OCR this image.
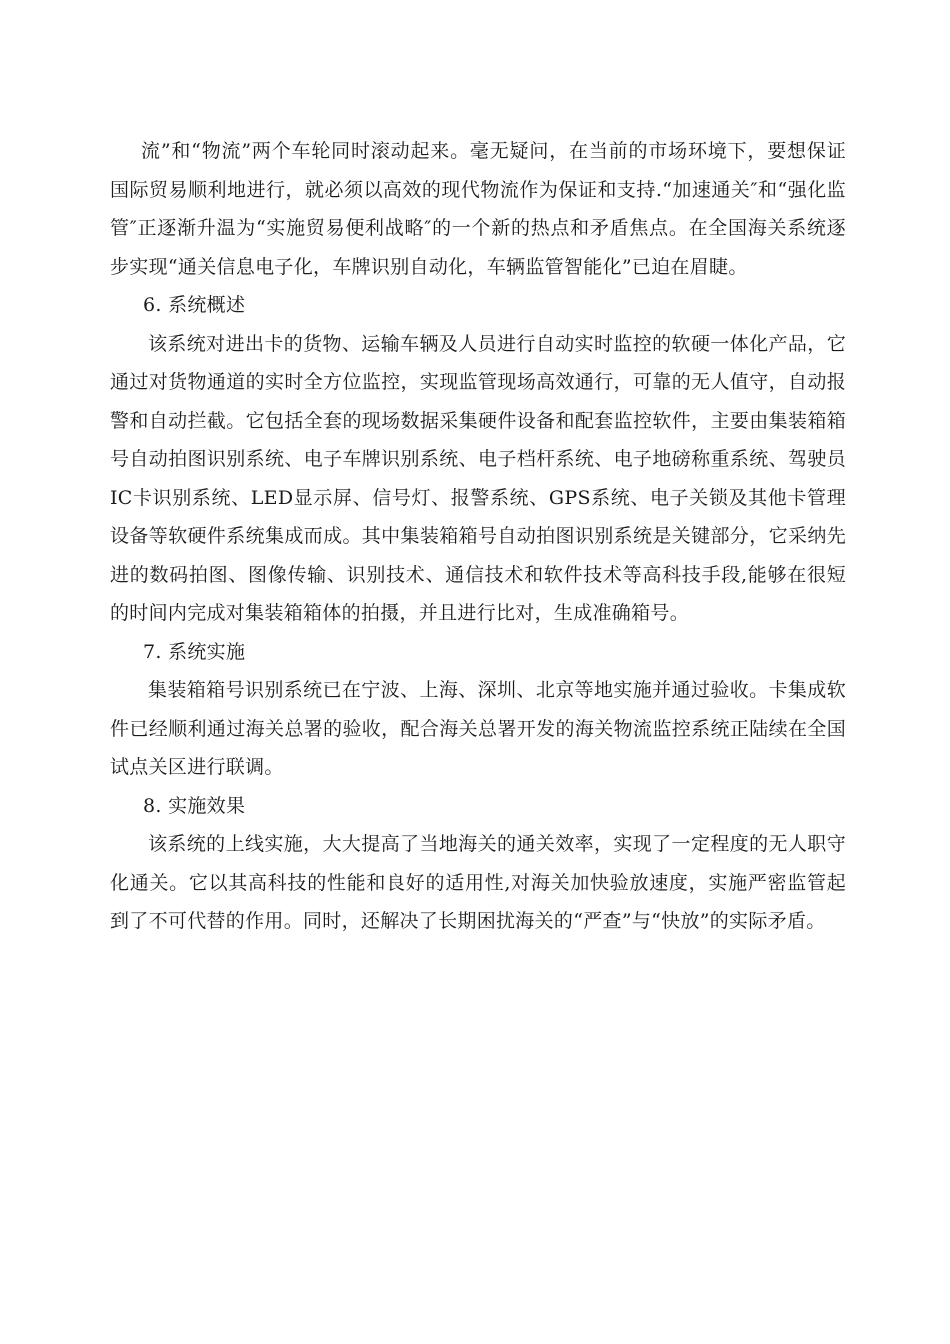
流”和“物流”两个车轮同时滚动起来。毫无疑问，在当前的市场环境下，要想保证国际贸易顺利地进行，就必须以高效的现代物流作为保证和支持.“加速通关″和“强化监管″正逐渐升温为“实施贸易便利战略″的一个新的热点和矛盾焦点。在全国海关系统逐步实现“通关信息电子化，车牌识别自动化，车辆监管智能化”已迫在眉睫。

6. 系统概述

该系统对进出卡的货物、运输车辆及人员进行自动实时监控的软硬一体化产品，它通过对货物通道的实时全方位监控，实现监管现场高效通行，可靠的无人值守，自动报警和自动拦截。它包括全套的现场数据采集硬件设备和配套监控软件，主要由集装箱箱号自动拍图识别系统、电子车牌识别系统、电子档杆系统、电子地磅称重系统、驾驶员IC卡识别系统、LED显示屏、信号灯、报警系统、GPS系统、电子关锁及其他卡管理设备等软硬件系统集成而成。其中集装箱箱号自动拍图识别系统是关键部分，它采纳先进的数码拍图、图像传输、识别技术、通信技术和软件技术等高科技手段,能够在很短的时间内完成对集装箱箱体的拍摄，并且进行比对，生成准确箱号。

7. 系统实施

集装箱箱号识别系统已在宁波、上海、深圳、北京等地实施并通过验收。卡集成软件已经顺利通过海关总署的验收，配合海关总署开发的海关物流监控系统正陆续在全国试点关区进行联调。

8. 实施效果

该系统的上线实施，大大提高了当地海关的通关效率，实现了一定程度的无人职守化通关。它以其高科技的性能和良好的适用性,对海关加快验放速度，实施严密监管起到了不可代替的作用。同时，还解决了长期困扰海关的“严查”与“快放”的实际矛盾。
